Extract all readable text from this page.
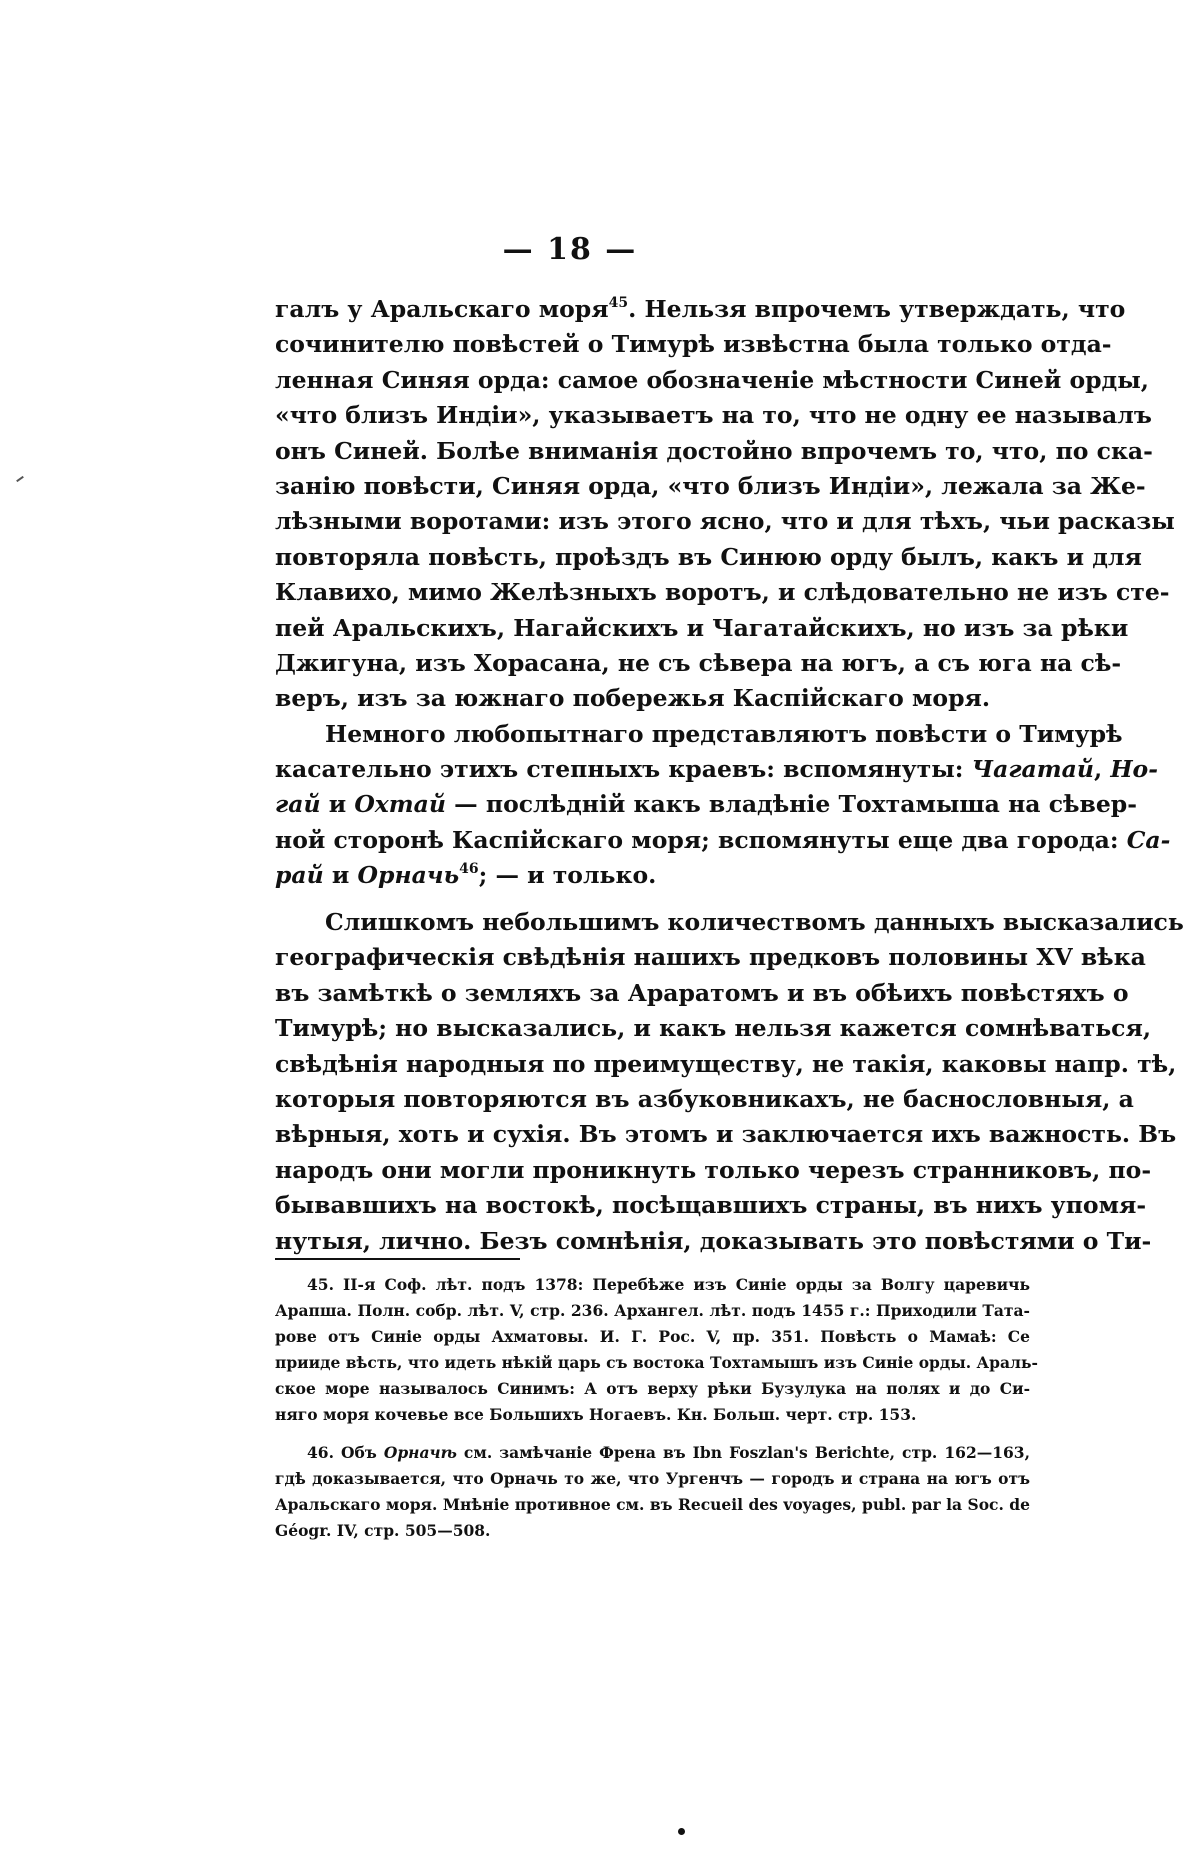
— 18 —
галъ у Аральскаго моря$^{45}$. Нельзя впрочемъ утверждать, что
сочинителю повѣстей о Тимурѣ извѣстна была только отда-
ленная Синяя орда: самое обозначеніе мѣстности Синей орды,
«что близъ Индіи», указываетъ на то, что не одну ее называлъ
онъ Синей. Болѣе вниманія достойно впрочемъ то, что, по ска-
занію повѣсти, Синяя орда, «что близъ Индіи», лежала за Же-
лѣзными воротами: изъ этого ясно, что и для тѣхъ, чьи расказы
повторяла повѣсть, проѣздъ въ Синюю орду былъ, какъ и для
Клавихо, мимо Желѣзныхъ воротъ, и слѣдовательно не изъ сте-
пей Аральскихъ, Нагайскихъ и Чагатайскихъ, но изъ за рѣки
Джигуна, изъ Хорасана, не съ сѣвера на югъ, а съ юга на сѣ-
веръ, изъ за южнаго побережья Каспійскаго моря.
Немного любопытнаго представляютъ повѣсти о Тимурѣ
касательно этихъ степныхъ краевъ: вспомянуты: Чагатай, Но-
гай и Охтай — послѣдній какъ владѣніе Тохтамыша на сѣвер-
ной сторонѣ Каспійскаго моря; вспомянуты еще два города: Са-
рай и Орначь$^{46}$; — и только.
Слишкомъ небольшимъ количествомъ данныхъ высказались
географическія свѣдѣнія нашихъ предковъ половины XV вѣка
въ замѣткѣ о земляхъ за Араратомъ и въ обѣихъ повѣстяхъ о
Тимурѣ; но высказались, и какъ нельзя кажется сомнѣваться,
свѣдѣнія народныя по преимуществу, не такія, каковы напр. тѣ,
которыя повторяются въ азбуковникахъ, не баснословныя, а
вѣрныя, хоть и сухія. Въ этомъ и заключается ихъ важность. Въ
народъ они могли проникнуть только черезъ странниковъ, по-
бывавшихъ на востокѣ, посѣщавшихъ страны, въ нихъ упомя-
нутыя, лично. Безъ сомнѣнія, доказывать это повѣстями о Ти-
45. II-я Соф. лѣт. подъ 1378: Перебѣже изъ Синіе орды за Волгу царевичь
Арапша. Полн. собр. лѣт. V, стр. 236. Архангел. лѣт. подъ 1455 г.: Приходили Тата-
рове отъ Синіе орды Ахматовы. И. Г. Рос. V, пр. 351. Повѣсть о Мамаѣ: Се
прииде вѣсть, что идеть нѣкій царь съ востока Тохтамышъ изъ Синіе орды. Араль-
ское море называлось Синимъ: А отъ верху рѣки Бузулука на полях и до Си-
няго моря кочевье все Большихъ Ногаевъ. Кн. Больш. черт. стр. 153.
46. Объ Орначѣ см. замѣчаніе Френа въ Ibn Foszlan's Berichte, стр. 162—163,
гдѣ доказывается, что Орначь то же, что Ургенчъ — городъ и страна на югъ отъ
Аральскаго моря. Мнѣніе противное см. въ Recueil des voyages, publ. par la Soc. de
Géogr. IV, стр. 505—508.
